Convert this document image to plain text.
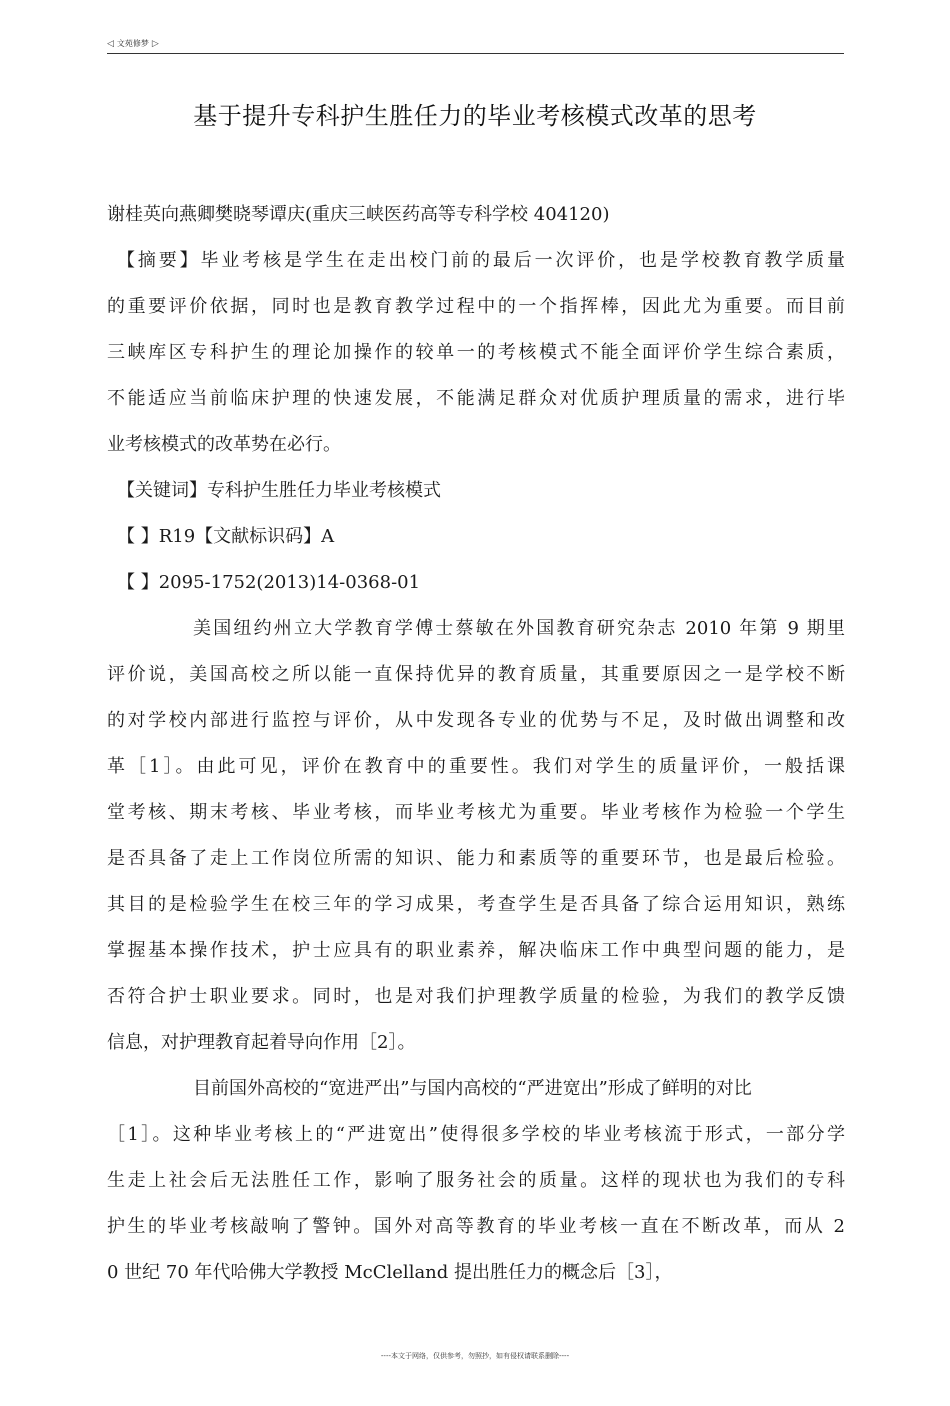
◁ 文苑修梦 ▷
基于提升专科护生胜任力的毕业考核模式改革的思考
谢桂英向燕卿樊晓琴谭庆(重庆三峡医药高等专科学校 404120)
【摘要】毕业考核是学生在走出校门前的最后一次评价，也是学校教育教学质量
的重要评价依据，同时也是教育教学过程中的一个指挥棒，因此尤为重要。而目前
三峡库区专科护生的理论加操作的较单一的考核模式不能全面评价学生综合素质，
不能适应当前临床护理的快速发展，不能满足群众对优质护理质量的需求，进行毕
业考核模式的改革势在必行。
【关键词】专科护生胜任力毕业考核模式
【 】R19【文献标识码】A
【 】2095-1752(2013)14-0368-01
美国纽约州立大学教育学傅士蔡敏在外国教育研究杂志 2010 年第 9 期里
评价说，美国高校之所以能一直保持优异的教育质量，其重要原因之一是学校不断
的对学校内部进行监控与评价，从中发现各专业的优势与不足，及时做出调整和改
革［1］。由此可见，评价在教育中的重要性。我们对学生的质量评价，一般括课
堂考核、期末考核、毕业考核，而毕业考核尤为重要。毕业考核作为检验一个学生
是否具备了走上工作岗位所需的知识、能力和素质等的重要环节，也是最后检验。
其目的是检验学生在校三年的学习成果，考查学生是否具备了综合运用知识，熟练
掌握基本操作技术，护士应具有的职业素养，解决临床工作中典型问题的能力，是
否符合护士职业要求。同时，也是对我们护理教学质量的检验，为我们的教学反馈
信息，对护理教育起着导向作用［2］。
目前国外高校的“宽进严出”与国内高校的“严进宽出”形成了鲜明的对比
［1］。这种毕业考核上的“严进宽出”使得很多学校的毕业考核流于形式，一部分学
生走上社会后无法胜任工作，影响了服务社会的质量。这样的现状也为我们的专科
护生的毕业考核敲响了警钟。国外对高等教育的毕业考核一直在不断改革，而从 2
0 世纪 70 年代哈佛大学教授 McClelland 提出胜任力的概念后［3］，
----本文于网络，仅供参考，勿照抄，如有侵权请联系删除----
